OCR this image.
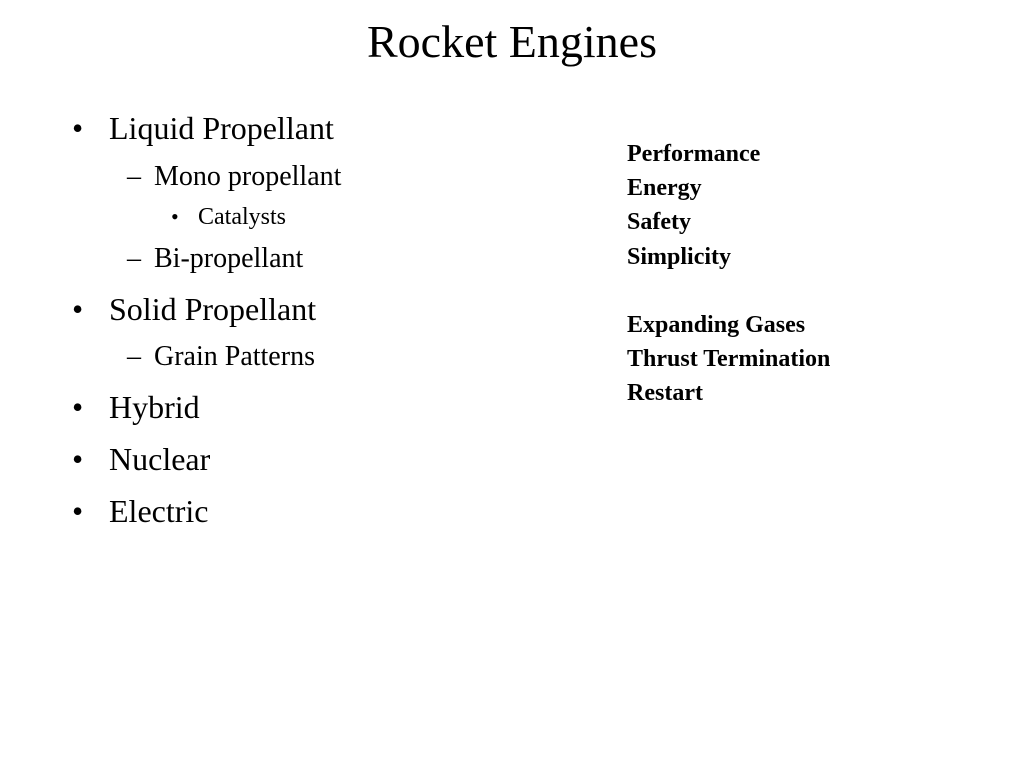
Rocket Engines
• Liquid Propellant
– Mono propellant
• Catalysts
– Bi-propellant
• Solid Propellant
– Grain Patterns
• Hybrid
• Nuclear
• Electric
Performance
Energy
Safety
Simplicity
Expanding Gases
Thrust Termination
Restart
